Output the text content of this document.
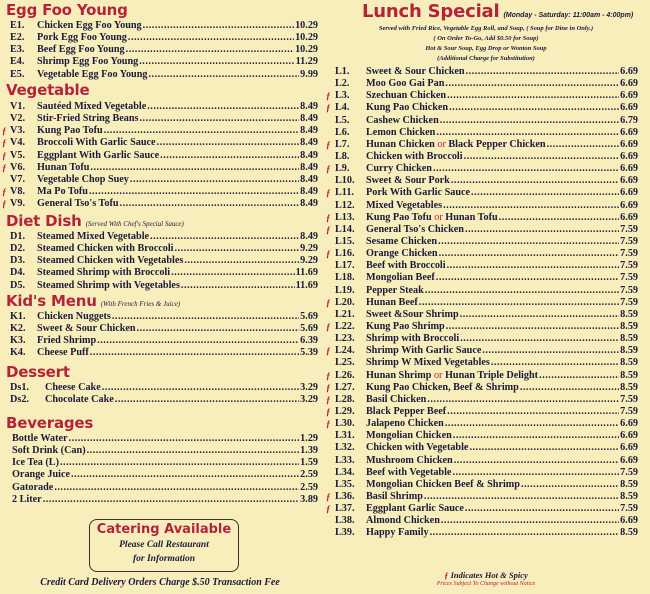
Egg Foo Young
E1.	Chicken Egg Foo Young .....	10.29
E2.	Pork Egg Foo Young .....	10.29
E3.	Beef Egg Foo Young .....	10.29
E4.	Shrimp Egg Foo Young .....	11.29
E5.	Vegetable Egg Foo Young .....	9.99
Vegetable
V1.	Sautéed Mixed Vegetable .....	8.49
V2.	Stir-Fried String Beans .....	8.49
ƒ V3.	Kung Pao Tofu .....	8.49
ƒ V4.	Broccoli With Garlic Sauce .....	8.49
ƒ V5.	Eggplant With Garlic Sauce .....	8.49
ƒ V6.	Hunan Tofu .....	8.49
V7.	Vegetable Chop Suey .....	8.49
ƒ V8.	Ma Po Tofu .....	8.49
ƒ V9.	General Tso's Tofu .....	8.49
Diet Dish (Served With Chef's Special Sauce)
D1.	Steamed Mixed Vegetable .....	8.49
D2.	Steamed Chicken with Broccoli .....	9.29
D3.	Steamed Chicken with Vegetables .....	9.29
D4.	Steamed Shrimp with Broccoli .....	11.69
D5.	Steamed Shrimp with Vegetables .....	11.69
Kid's Menu (With French Fries & Juice)
K1.	Chicken Nuggets .....	5.69
K2.	Sweet & Sour Chicken .....	5.69
K3.	Fried Shrimp .....	6.39
K4.	Cheese Puff .....	5.39
Dessert
Ds1.	Cheese Cake .....	3.29
Ds2.	Chocolate Cake .....	3.29
Beverages
Bottle Water .....	1.29
Soft Drink (Can) .....	1.39
Ice Tea (L) .....	1.59
Orange Juice .....	2.59
Gatorade .....	2.59
2 Liter .....	3.89
Catering Available
Please Call Restaurant
for Information
Credit Card Delivery Orders Charge $.50 Transaction Fee
Lunch Special (Monday - Saturday: 11:00am - 4:00pm)
Served with Fried Rice, Vegetable Egg Roll, and Soup, ( Soup for Dine in Only.)
( On Order To-Go, Add $0.50 for Soup)
Hot & Sour Soup, Egg Drop or Wonton Soup
(Additional Charge for Substitution)
L1.	Sweet & Sour Chicken .....	6.69
L2.	Moo Goo Gai Pan .....	6.69
ƒ L3.	Szechuan Chicken .....	6.69
ƒ L4.	Kung Pao Chicken .....	6.69
L5.	Cashew Chicken .....	6.79
L6.	Lemon Chicken .....	6.69
ƒ L7.	Hunan Chicken or Black Pepper Chicken .....	6.69
L8.	Chicken with Broccoli .....	6.69
ƒ L9.	Curry Chicken .....	6.69
L10.	Sweet & Sour Pork .....	6.69
ƒ L11.	Pork With Garlic Sauce .....	6.69
L12.	Mixed Vegetables .....	6.69
ƒ L13.	Kung Pao Tofu or Hunan Tofu .....	6.69
ƒ L14.	General Tso's Chicken .....	7.59
L15.	Sesame Chicken .....	7.59
ƒ L16.	Orange Chicken .....	7.59
L17.	Beef with Broccoli .....	7.59
L18.	Mongolian Beef .....	7.59
L19.	Pepper Steak .....	7.59
ƒ L20.	Hunan Beef .....	7.59
L21.	Sweet &Sour Shrimp .....	8.59
ƒ L22.	Kung Pao Shrimp .....	8.59
L23.	Shrimp with Broccoli .....	8.59
ƒ L24.	Shrimp With Garlic Sauce .....	8.59
L25.	Shrimp W Mixed Vegetables .....	8.59
ƒ L26.	Hunan Shrimp or Hunan Triple Delight .....	8.59
ƒ L27.	Kung Pao Chicken, Beef & Shrimp .....	8.59
ƒ L28.	Basil Chicken .....	7.59
ƒ L29.	Black Pepper Beef .....	7.59
ƒ L30.	Jalapeno Chicken .....	6.69
L31.	Mongolian Chicken .....	6.69
L32.	Chicken with Vegetable .....	6.69
L33.	Mushroom Chicken .....	6.69
L34.	Beef with Vegetable .....	7.59
L35.	Mongolian Chicken Beef & Shrimp .....	8.59
ƒ L36.	Basil Shrimp .....	8.59
ƒ L37.	Eggplant Garlic Sauce .....	7.59
L38.	Almond Chicken .....	6.69
L39.	Happy Family .....	8.59
ƒ Indicates Hot & Spicy
Prices Subject To Change without Notice
